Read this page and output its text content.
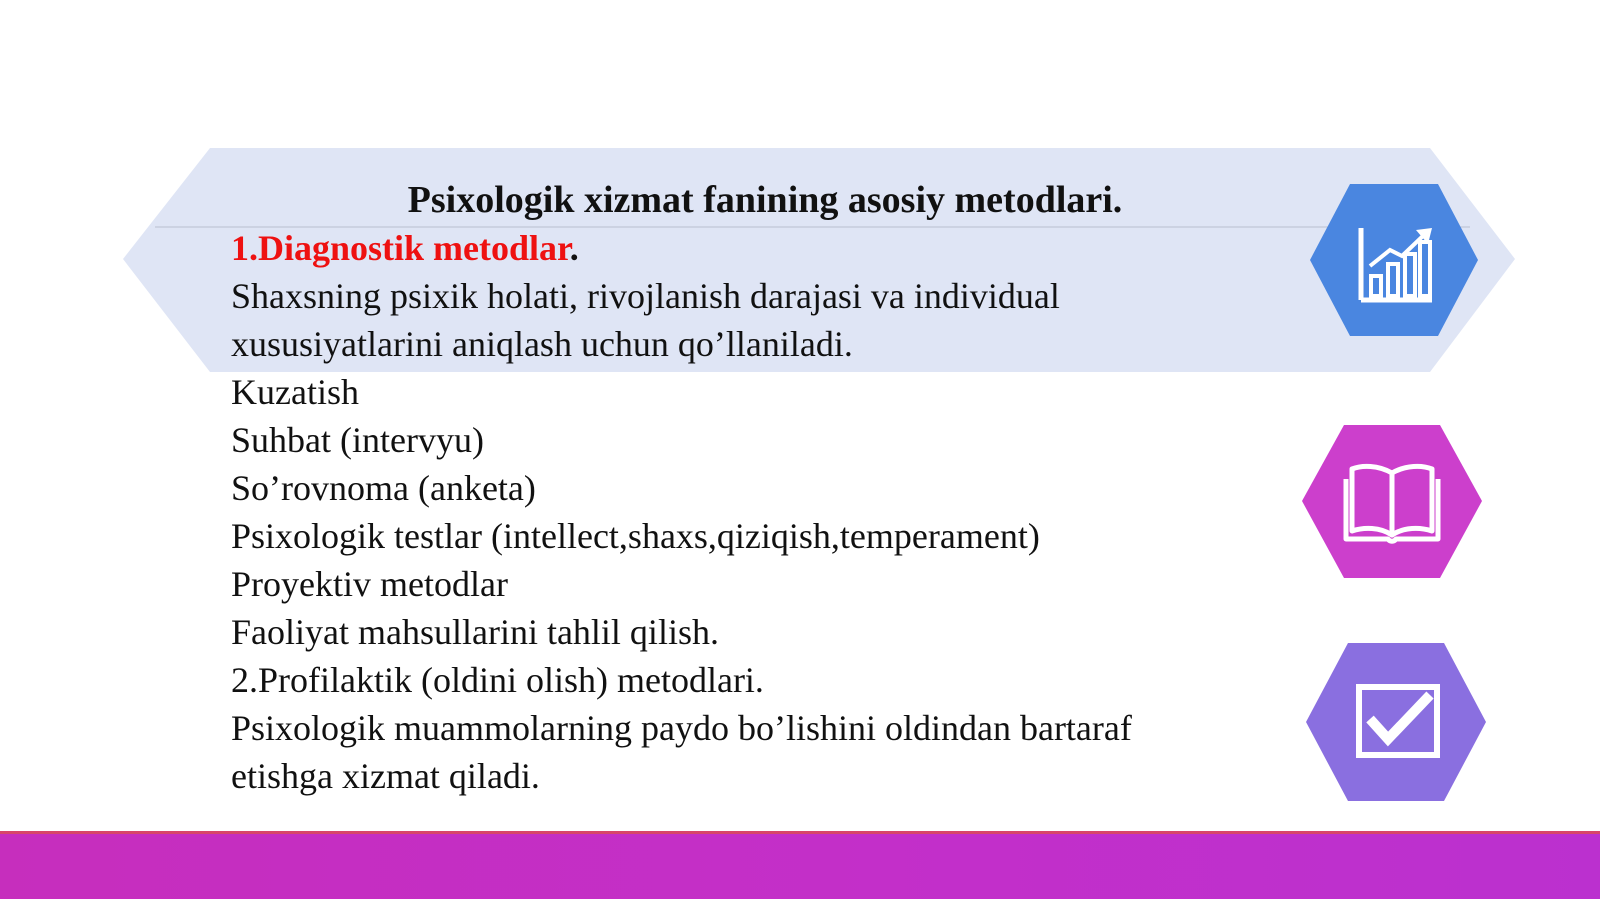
Psixologik xizmat fanining asosiy metodlari.

1.Diagnostik metodlar.

Shaxsning psixik holati, rivojlanish darajasi va individual

xususiyatlarini aniqlash uchun qo’llaniladi.

Kuzatish

Suhbat (intervyu)

So’rovnoma (anketa)

Psixologik testlar (intellect,shaxs,qiziqish,temperament)

Proyektiv metodlar

Faoliyat mahsullarini tahlil qilish.

2.Profilaktik (oldini olish) metodlari.

Psixologik muammolarning paydo bo’lishini oldindan bartaraf

etishga xizmat qiladi.
